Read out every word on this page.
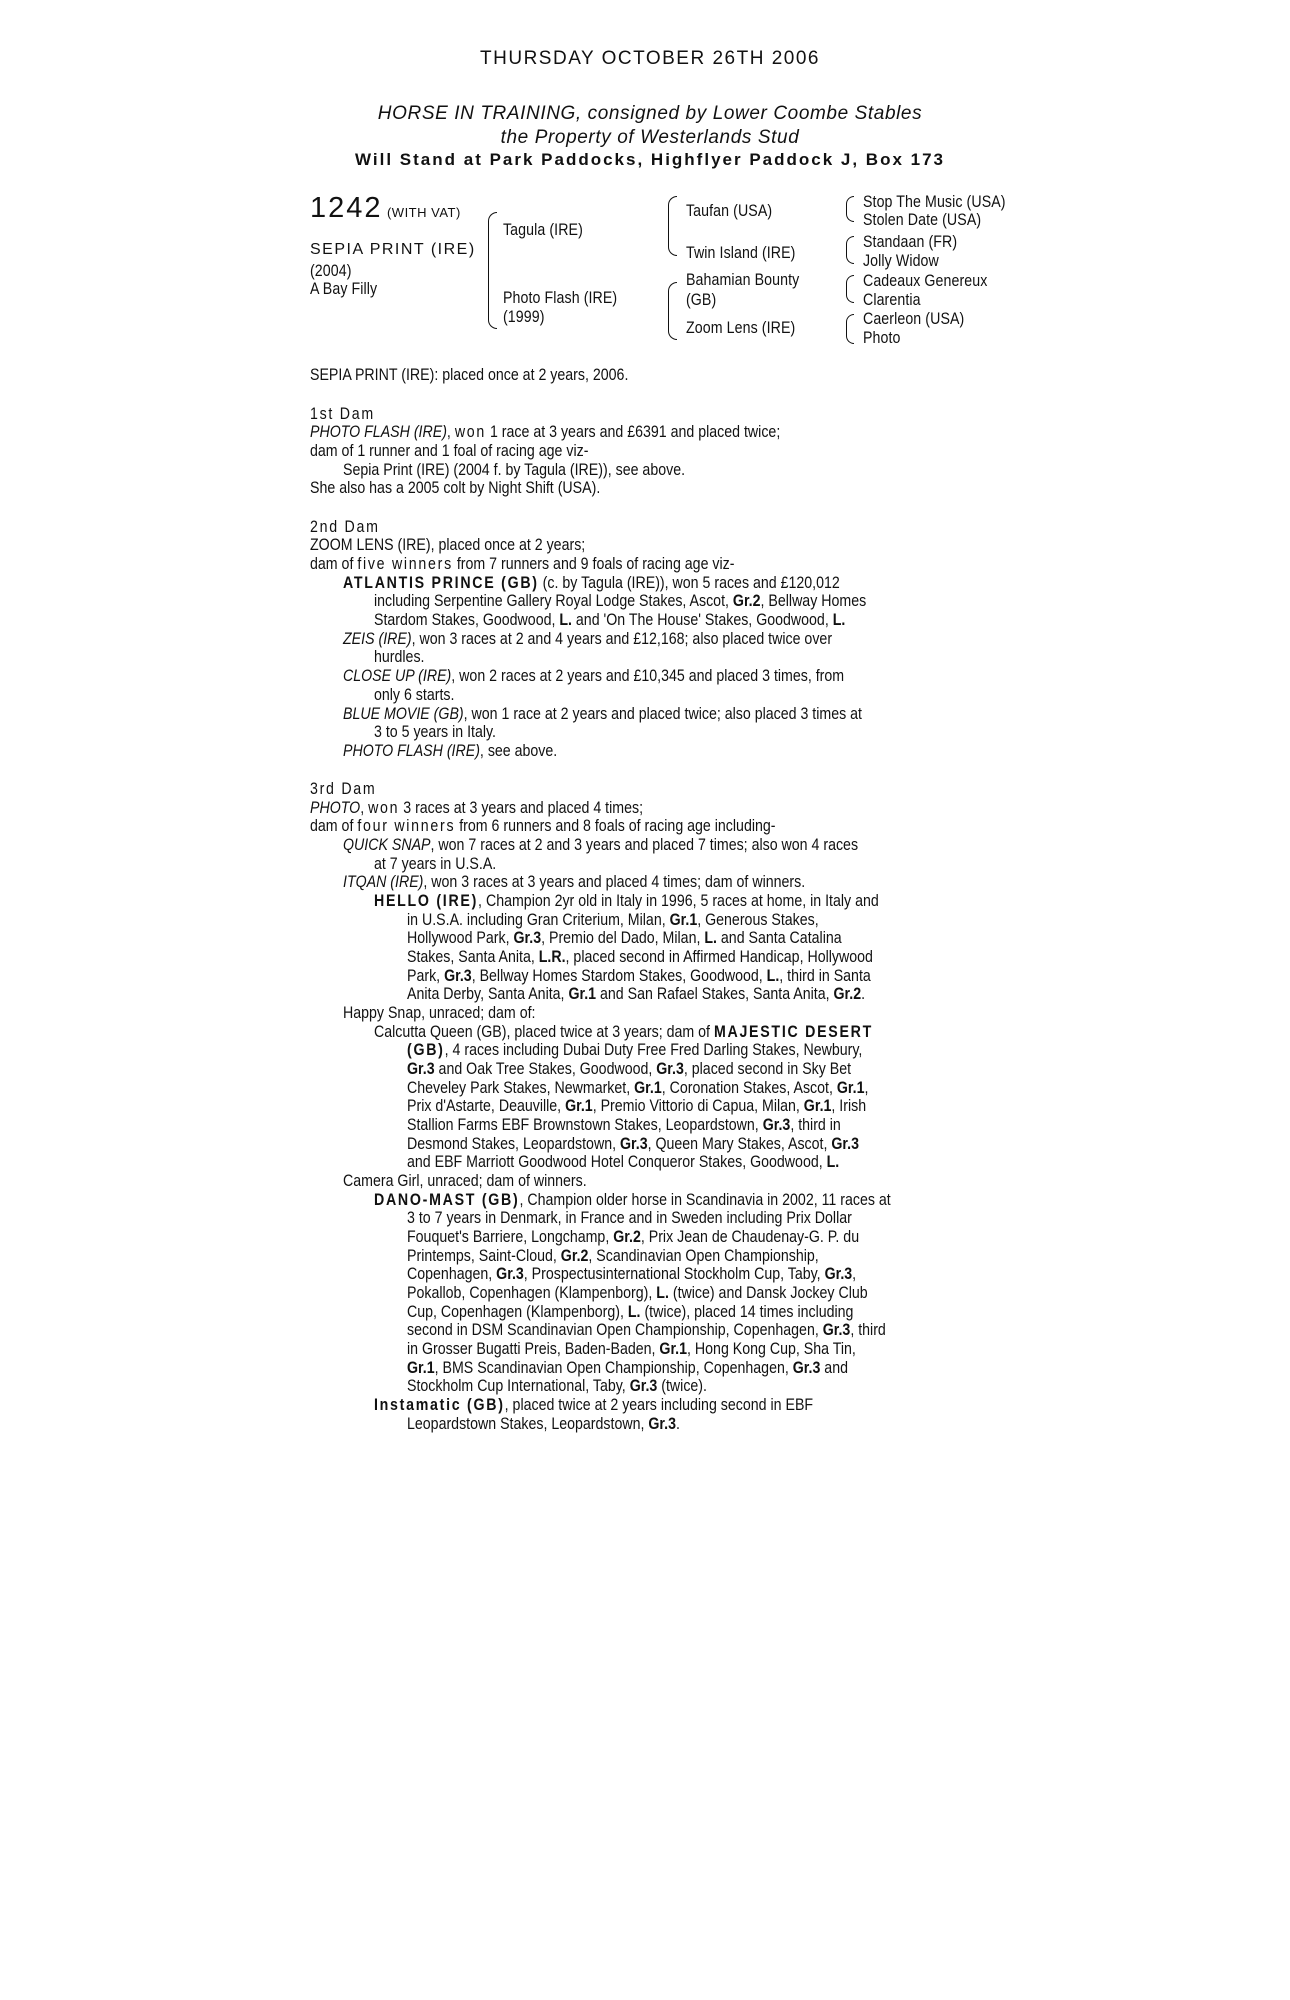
THURSDAY OCTOBER 26TH 2006
HORSE IN TRAINING, consigned by Lower Coombe Stables
the Property of Westerlands Stud
Will Stand at Park Paddocks, Highflyer Paddock J, Box 173
1242 (WITH VAT)
SEPIA PRINT (IRE)
(2004)
A Bay Filly
Tagula (IRE)
Photo Flash (IRE)
(1999)
Taufan (USA)
Twin Island (IRE)
Bahamian Bounty
(GB)
Zoom Lens (IRE)
Stop The Music (USA)
Stolen Date (USA)
Standaan (FR)
Jolly Widow
Cadeaux Genereux
Clarentia
Caerleon (USA)
Photo
SEPIA PRINT (IRE): placed once at 2 years, 2006.
1st Dam
PHOTO FLASH (IRE), won 1 race at 3 years and £6391 and placed twice;
dam of 1 runner and 1 foal of racing age viz-
Sepia Print (IRE) (2004 f. by Tagula (IRE)), see above.
She also has a 2005 colt by Night Shift (USA).
2nd Dam
ZOOM LENS (IRE), placed once at 2 years;
dam of five winners from 7 runners and 9 foals of racing age viz-
ATLANTIS PRINCE (GB) (c. by Tagula (IRE)), won 5 races and £120,012
including Serpentine Gallery Royal Lodge Stakes, Ascot, Gr.2, Bellway Homes
Stardom Stakes, Goodwood, L. and 'On The House' Stakes, Goodwood, L.
ZEIS (IRE), won 3 races at 2 and 4 years and £12,168; also placed twice over
hurdles.
CLOSE UP (IRE), won 2 races at 2 years and £10,345 and placed 3 times, from
only 6 starts.
BLUE MOVIE (GB), won 1 race at 2 years and placed twice; also placed 3 times at
3 to 5 years in Italy.
PHOTO FLASH (IRE), see above.
3rd Dam
PHOTO, won 3 races at 3 years and placed 4 times;
dam of four winners from 6 runners and 8 foals of racing age including-
QUICK SNAP, won 7 races at 2 and 3 years and placed 7 times; also won 4 races
at 7 years in U.S.A.
ITQAN (IRE), won 3 races at 3 years and placed 4 times; dam of winners.
HELLO (IRE), Champion 2yr old in Italy in 1996, 5 races at home, in Italy and
in U.S.A. including Gran Criterium, Milan, Gr.1, Generous Stakes,
Hollywood Park, Gr.3, Premio del Dado, Milan, L. and Santa Catalina
Stakes, Santa Anita, L.R., placed second in Affirmed Handicap, Hollywood
Park, Gr.3, Bellway Homes Stardom Stakes, Goodwood, L., third in Santa
Anita Derby, Santa Anita, Gr.1 and San Rafael Stakes, Santa Anita, Gr.2.
Happy Snap, unraced; dam of:
Calcutta Queen (GB), placed twice at 3 years; dam of MAJESTIC DESERT
(GB), 4 races including Dubai Duty Free Fred Darling Stakes, Newbury,
Gr.3 and Oak Tree Stakes, Goodwood, Gr.3, placed second in Sky Bet
Cheveley Park Stakes, Newmarket, Gr.1, Coronation Stakes, Ascot, Gr.1,
Prix d'Astarte, Deauville, Gr.1, Premio Vittorio di Capua, Milan, Gr.1, Irish
Stallion Farms EBF Brownstown Stakes, Leopardstown, Gr.3, third in
Desmond Stakes, Leopardstown, Gr.3, Queen Mary Stakes, Ascot, Gr.3
and EBF Marriott Goodwood Hotel Conqueror Stakes, Goodwood, L.
Camera Girl, unraced; dam of winners.
DANO-MAST (GB), Champion older horse in Scandinavia in 2002, 11 races at
3 to 7 years in Denmark, in France and in Sweden including Prix Dollar
Fouquet's Barriere, Longchamp, Gr.2, Prix Jean de Chaudenay-G. P. du
Printemps, Saint-Cloud, Gr.2, Scandinavian Open Championship,
Copenhagen, Gr.3, Prospectusinternational Stockholm Cup, Taby, Gr.3,
Pokallob, Copenhagen (Klampenborg), L. (twice) and Dansk Jockey Club
Cup, Copenhagen (Klampenborg), L. (twice), placed 14 times including
second in DSM Scandinavian Open Championship, Copenhagen, Gr.3, third
in Grosser Bugatti Preis, Baden-Baden, Gr.1, Hong Kong Cup, Sha Tin,
Gr.1, BMS Scandinavian Open Championship, Copenhagen, Gr.3 and
Stockholm Cup International, Taby, Gr.3 (twice).
Instamatic (GB), placed twice at 2 years including second in EBF
Leopardstown Stakes, Leopardstown, Gr.3.
